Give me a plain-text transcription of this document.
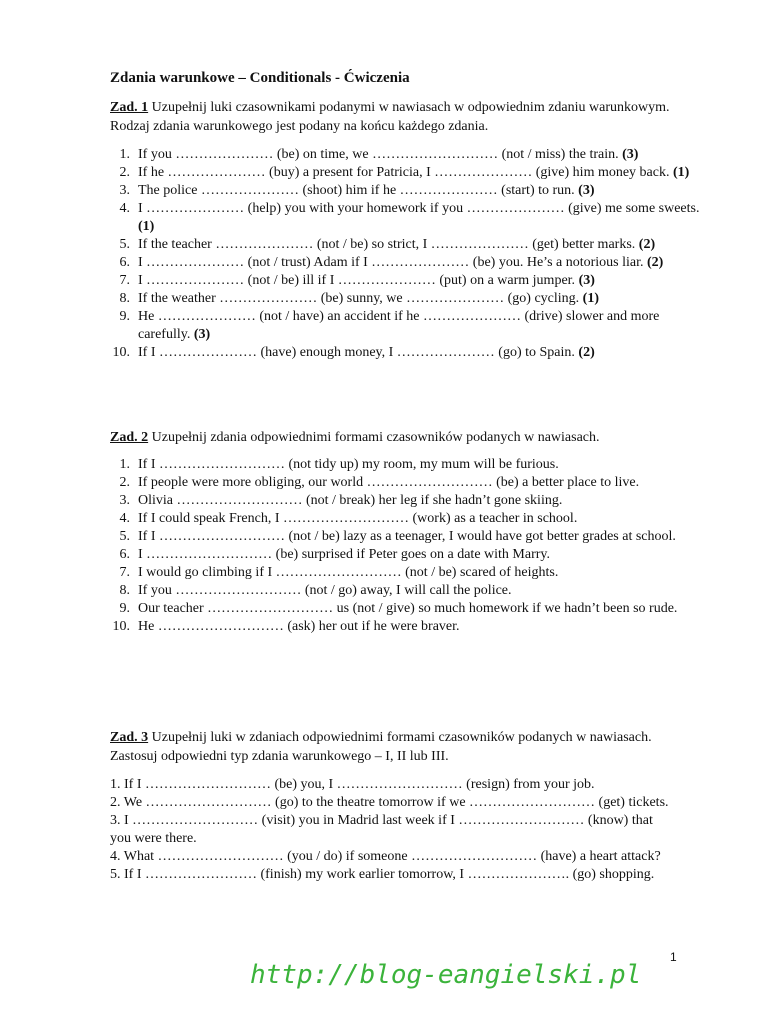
Zdania warunkowe – Conditionals - Ćwiczenia
Zad. 1 Uzupełnij luki czasownikami podanymi w nawiasach w odpowiednim zdaniu warunkowym. Rodzaj zdania warunkowego jest podany na końcu każdego zdania.
1. If you ………………… (be) on time, we ……………………… (not / miss) the train. (3)
2. If he ………………… (buy) a present for Patricia, I ………………… (give) him money back. (1)
3. The police ………………… (shoot) him if he ………………… (start) to run. (3)
4. I ………………… (help) you with your homework if you ………………… (give) me some sweets. (1)
5. If the teacher ………………… (not / be) so strict, I ………………… (get) better marks. (2)
6. I ………………… (not / trust) Adam if I ………………… (be) you. He’s a notorious liar. (2)
7. I ………………… (not / be) ill if I ………………… (put) on a warm jumper. (3)
8. If the weather ………………… (be) sunny, we ………………… (go) cycling. (1)
9. He ………………… (not / have) an accident if he ………………… (drive) slower and more carefully. (3)
10. If I ………………… (have) enough money, I ………………… (go) to Spain. (2)
Zad. 2 Uzupełnij zdania odpowiednimi formami czasowników podanych w nawiasach.
1. If I ……………………… (not tidy up) my room, my mum will be furious.
2. If people were more obliging, our world ……………………… (be) a better place to live.
3. Olivia ……………………… (not / break) her leg if she hadn’t gone skiing.
4. If I could speak French, I ……………………… (work) as a teacher in school.
5. If I ……………………… (not / be) lazy as a teenager, I would have got better grades at school.
6. I ……………………… (be) surprised if Peter goes on a date with Marry.
7. I would go climbing if I ……………………… (not / be) scared of heights.
8. If you ……………………… (not / go) away, I will call the police.
9. Our teacher ……………………… us (not / give) so much homework if we hadn’t been so rude.
10. He ……………………… (ask) her out if he were braver.
Zad. 3 Uzupełnij luki w zdaniach odpowiednimi formami czasowników podanych w nawiasach. Zastosuj odpowiedni typ zdania warunkowego – I, II lub III.

1. If I ……………………… (be) you, I ……………………… (resign) from your job.

2. We ……………………… (go) to the theatre tomorrow if we ……………………… (get) tickets.

3. I ……………………… (visit) you in Madrid last week if I ……………………… (know) that you were there.

4. What ……………………… (you / do) if someone ……………………… (have) a heart attack?

5. If I …………………… (finish) my work earlier tomorrow, I …………………. (go) shopping.

1
http://blog-eangielski.pl
